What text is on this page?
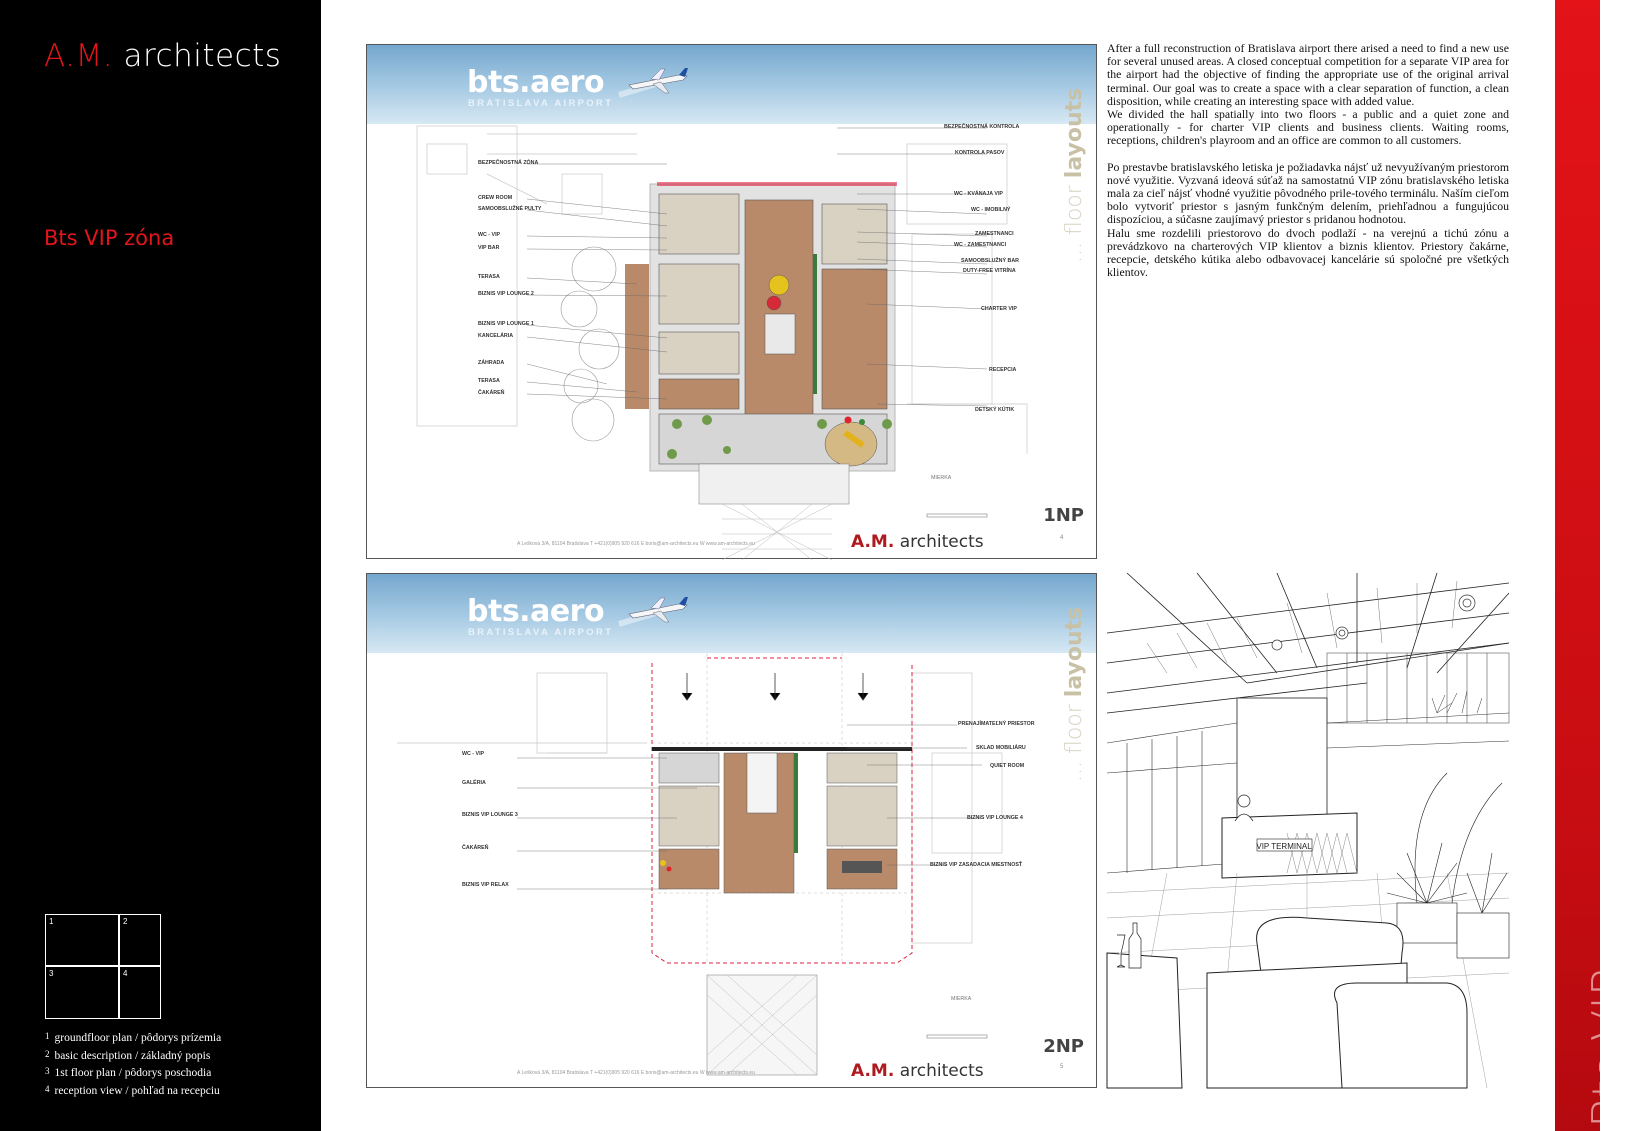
A.M. architects
Bts VIP zóna
1	2
3	4
1 groundfloor plan / pôdorys prízemia
2 basic description / základný popis
3 1st floor plan / pôdorys poschodia
4 reception view / pohľad na recepciu	Bts VIP
bts.aero
BRATISLAVA AIRPORT
BEZPEČNOSTNÁ ZÓNA
CREW ROOM
SAMOOBSLUŽNÉ PULTY
WC - VIP
VIP BAR
TERASA
BIZNIS VIP LOUNGE 2
BIZNIS VIP LOUNGE 1
KANCELÁRIA
ZÁHRADA
TERASA
ČAKÁREŇ
BEZPEČNOSTNÁ KONTROLA
KONTROLA PASOV
WC - KVÁNAJA VIP
WC - IMOBILNÝ
ZAMESTNANCI
WC - ZAMESTNANCI
SAMOOBSLUŽNÝ BAR
DUTY-FREE VITRÍNA
CHARTER VIP
RECEPCIA
DETSKÝ KÚTIK
MIERKA
... floor layouts
1NP
A.M. architects	4
A Lešková 3/A, 81104 Bratislava T +421(0)905 920 616 E boris@am-architects.eu W www.am-architects.eu
bts.aero
BRATISLAVA AIRPORT
WC - VIP
GALÉRIA
BIZNIS VIP LOUNGE 3
ČAKÁREŇ
BIZNIS VIP RELAX
PRENAJÍMATEĽNÝ PRIESTOR
SKLAD MOBILIÁRU
QUIET ROOM
BIZNIS VIP LOUNGE 4
BIZNIS VIP ZASADACIA MIESTNOSŤ
MIERKA
... floor layouts
2NP
A.M. architects	5
A Lešková 3/A, 81104 Bratislava T +421(0)905 920 616 E boris@am-architects.eu W www.am-architects.eu

After a full reconstruction of Bratislava airport there arised a need to find a new use for several unused areas. A closed conceptual competition for a separate VIP area for the airport had the objective of finding the appropriate use of the original arrival terminal. Our goal was to create a space with a clear separation of function, a clean disposition, while creating an interesting space with added value.

We divided the hall spatially into two floors - a public and a quiet zone and operationally - for charter VIP clients and business clients. Waiting rooms, receptions, children's playroom and an office are common to all customers.

Po prestavbe bratislavského letiska je požiadavka nájsť už nevyužívaným priestorom nové využitie. Vyzvaná ideová súťaž na samostatnú VIP zónu bratislavského letiska mala za cieľ nájsť vhodné využitie pôvodného prile-tového terminálu. Naším cieľom bolo vytvoriť priestor s jasným funkčným delením, priehľadnou a fungujúcou dispozíciou, a súčasne zaujímavý priestor s pridanou hodnotou.

Halu sme rozdelili priestorovo do dvoch podlaží - na verejnú a tichú zónu a prevádzkovo na charterových VIP klientov a biznis klientov. Priestory čakárne, recepcie, detského kútika alebo odbavovacej kancelárie sú spoločné pre všetkých klientov.

VIP TERMINAL
